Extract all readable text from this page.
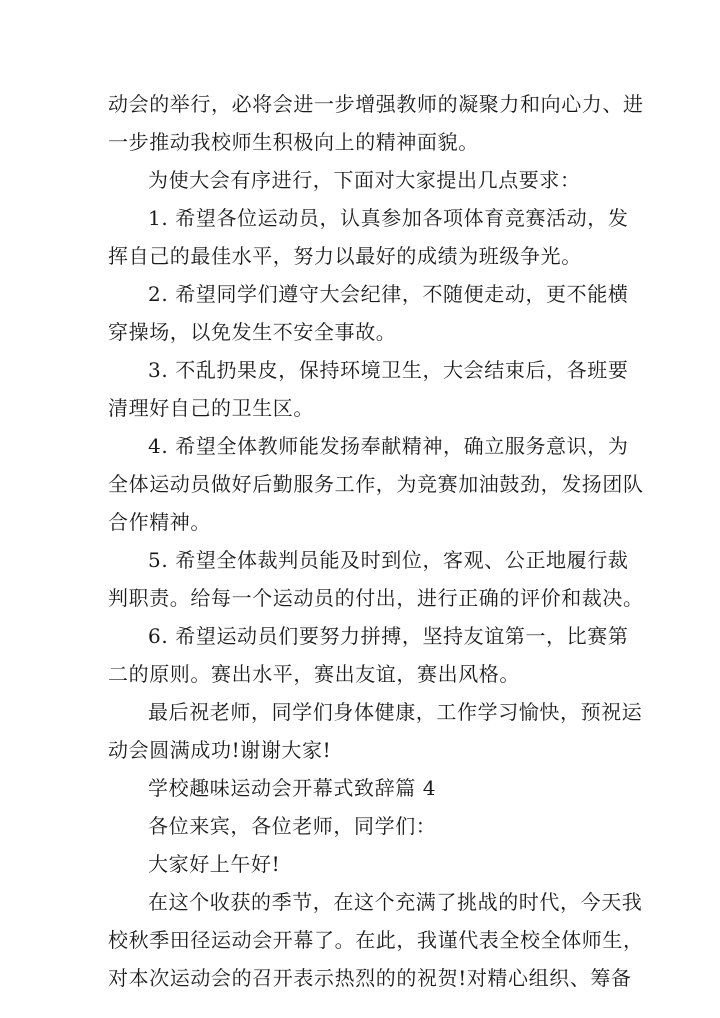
动会的举行，必将会进一步增强教师的凝聚力和向心力、进
一步推动我校师生积极向上的精神面貌。
为使大会有序进行，下面对大家提出几点要求：
1. 希望各位运动员，认真参加各项体育竞赛活动，发
挥自己的最佳水平，努力以最好的成绩为班级争光。
2. 希望同学们遵守大会纪律，不随便走动，更不能横
穿操场，以免发生不安全事故。
3. 不乱扔果皮，保持环境卫生，大会结束后，各班要
清理好自己的卫生区。
4. 希望全体教师能发扬奉献精神，确立服务意识，为
全体运动员做好后勤服务工作，为竞赛加油鼓劲，发扬团队
合作精神。
5. 希望全体裁判员能及时到位，客观、公正地履行裁
判职责。给每一个运动员的付出，进行正确的评价和裁决。
6. 希望运动员们要努力拼搏，坚持友谊第一，比赛第
二的原则。赛出水平，赛出友谊，赛出风格。
最后祝老师，同学们身体健康，工作学习愉快，预祝运
动会圆满成功!谢谢大家!
学校趣味运动会开幕式致辞篇 4
各位来宾，各位老师，同学们：
大家好上午好!
在这个收获的季节，在这个充满了挑战的时代，今天我
校秋季田径运动会开幕了。在此，我谨代表全校全体师生，
对本次运动会的召开表示热烈的的祝贺!对精心组织、筹备
